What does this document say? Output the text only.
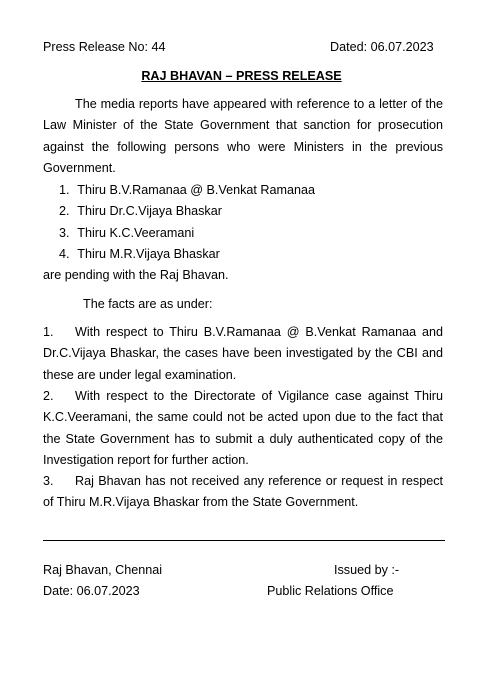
Press Release No: 44	Dated: 06.07.2023
RAJ BHAVAN – PRESS RELEASE
The media reports have appeared with reference to a letter of the Law Minister of the State Government that sanction for prosecution against the following persons who were Ministers in the previous Government.
1. Thiru B.V.Ramanaa @ B.Venkat Ramanaa
2. Thiru Dr.C.Vijaya Bhaskar
3. Thiru K.C.Veeramani
4. Thiru M.R.Vijaya Bhaskar
are pending with the Raj Bhavan.
The facts are as under:
1. With respect to Thiru B.V.Ramanaa @ B.Venkat Ramanaa and Dr.C.Vijaya Bhaskar, the cases have been investigated by the CBI and these are under legal examination.
2. With respect to the Directorate of Vigilance case against Thiru K.C.Veeramani, the same could not be acted upon due to the fact that the State Government has to submit a duly authenticated copy of the Investigation report for further action.
3. Raj Bhavan has not received any reference or request in respect of Thiru M.R.Vijaya Bhaskar from the State Government.
Raj Bhavan, Chennai
Date: 06.07.2023
Issued by :-
Public Relations Office
